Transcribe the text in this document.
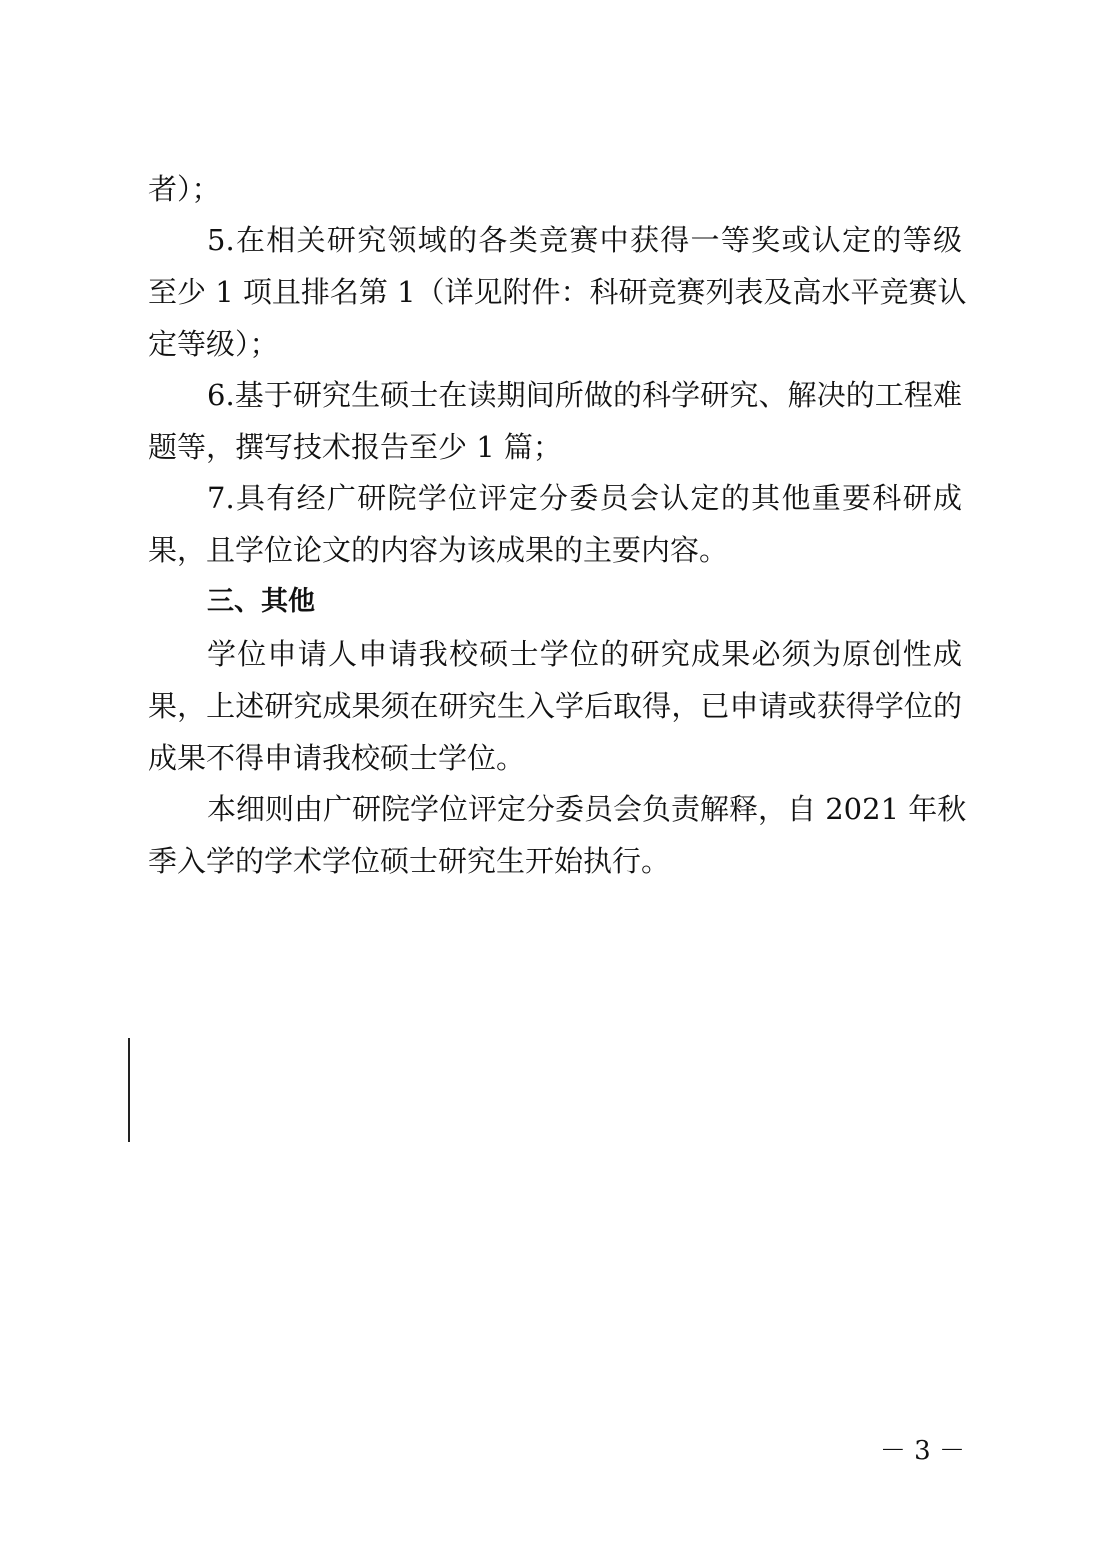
者）；
5.在相关研究领域的各类竞赛中获得一等奖或认定的等级
至少 1 项且排名第 1（详见附件：科研竞赛列表及高水平竞赛认
定等级）；
6.基于研究生硕士在读期间所做的科学研究、解决的工程难
题等，撰写技术报告至少 1 篇；
7.具有经广研院学位评定分委员会认定的其他重要科研成
果，且学位论文的内容为该成果的主要内容。
三、其他
学位申请人申请我校硕士学位的研究成果必须为原创性成
果，上述研究成果须在研究生入学后取得，已申请或获得学位的
成果不得申请我校硕士学位。
本细则由广研院学位评定分委员会负责解释，自 2021 年秋
季入学的学术学位硕士研究生开始执行。
－ 3 －
